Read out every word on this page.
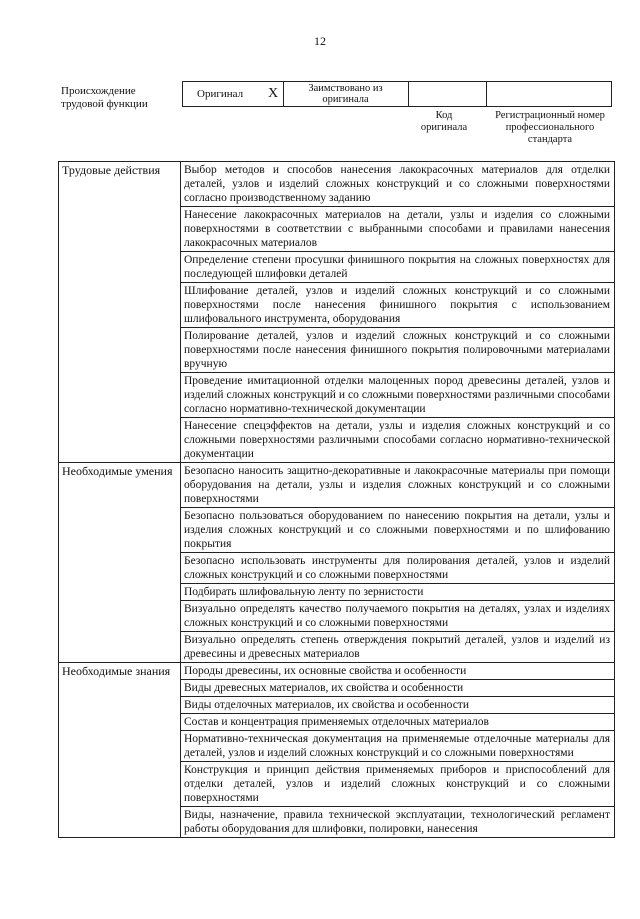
12
Происхождение трудовой функции
Оригинал	X	Заимствовано из оригинала
Код оригинала
Регистрационный номер профессионального стандарта
Трудовые действия	Выбор методов и способов нанесения лакокрасочных материалов для отделки деталей, узлов и изделий сложных конструкций и со сложными поверхностями согласно производственному заданию
	Нанесение лакокрасочных материалов на детали, узлы и изделия со сложными поверхностями в соответствии с выбранными способами и правилами нанесения лакокрасочных материалов
	Определение степени просушки финишного покрытия на сложных поверхностях для последующей шлифовки деталей
	Шлифование деталей, узлов и изделий сложных конструкций и со сложными поверхностями после нанесения финишного покрытия с использованием шлифовального инструмента, оборудования
	Полирование деталей, узлов и изделий сложных конструкций и со сложными поверхностями после нанесения финишного покрытия полировочными материалами вручную
	Проведение имитационной отделки малоценных пород древесины деталей, узлов и изделий сложных конструкций и со сложными поверхностями различными способами согласно нормативно-технической документации
	Нанесение спецэффектов на детали, узлы и изделия сложных конструкций и со сложными поверхностями различными способами согласно нормативно-технической документации
Необходимые умения	Безопасно наносить защитно-декоративные и лакокрасочные материалы при помощи оборудования на детали, узлы и изделия сложных конструкций и со сложными поверхностями
	Безопасно пользоваться оборудованием по нанесению покрытия на детали, узлы и изделия сложных конструкций и со сложными поверхностями и по шлифованию покрытия
	Безопасно использовать инструменты для полирования деталей, узлов и изделий сложных конструкций и со сложными поверхностями
	Подбирать шлифовальную ленту по зернистости
	Визуально определять качество получаемого покрытия на деталях, узлах и изделиях сложных конструкций и со сложными поверхностями
	Визуально определять степень отверждения покрытий деталей, узлов и изделий из древесины и древесных материалов
Необходимые знания	Породы древесины, их основные свойства и особенности
	Виды древесных материалов, их свойства и особенности
	Виды отделочных материалов, их свойства и особенности
	Состав и концентрация применяемых отделочных материалов
	Нормативно-техническая документация на применяемые отделочные материалы для деталей, узлов и изделий сложных конструкций и со сложными поверхностями
	Конструкция и принцип действия применяемых приборов и приспособлений для отделки деталей, узлов и изделий сложных конструкций и со сложными поверхностями
	Виды, назначение, правила технической эксплуатации, технологический регламент работы оборудования для шлифовки, полировки, нанесения
